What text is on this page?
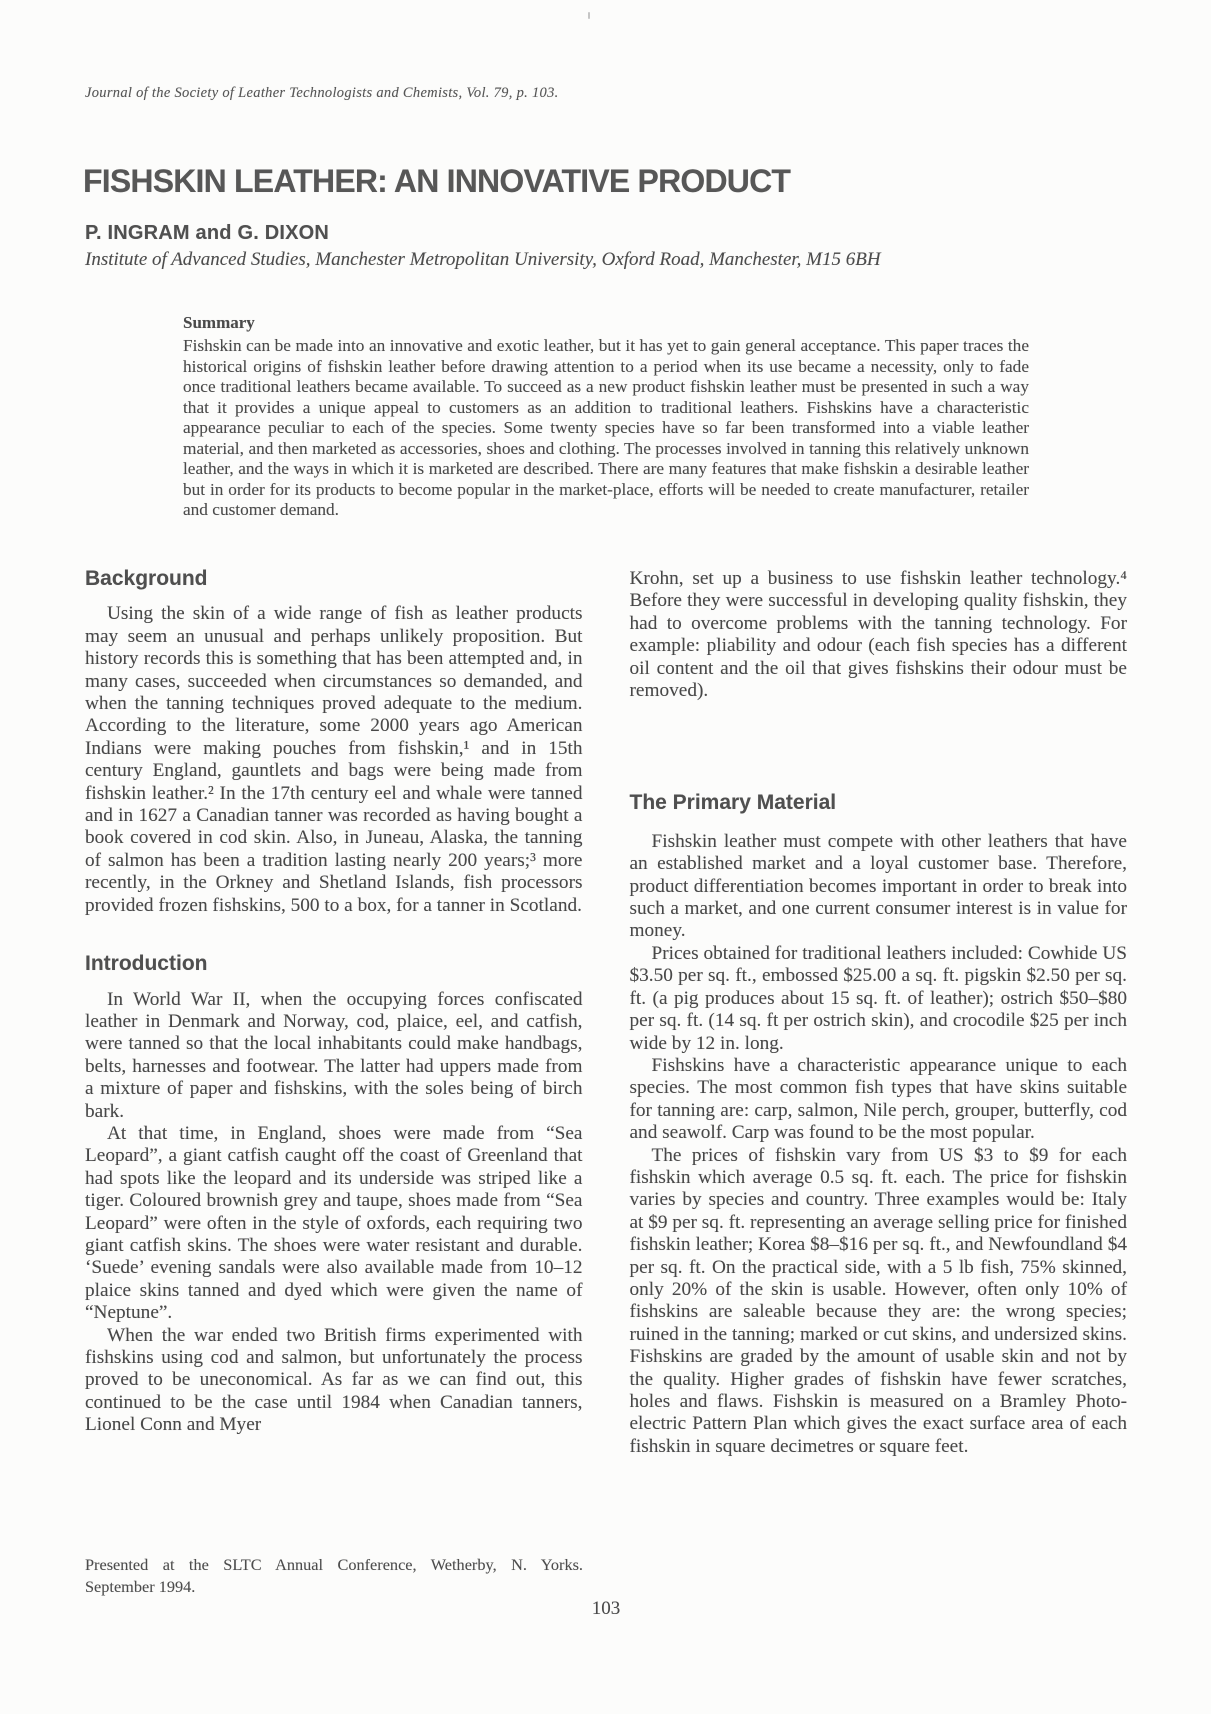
Journal of the Society of Leather Technologists and Chemists, Vol. 79, p. 103.
FISHSKIN LEATHER: AN INNOVATIVE PRODUCT
P. INGRAM and G. DIXON
Institute of Advanced Studies, Manchester Metropolitan University, Oxford Road, Manchester, M15 6BH
Summary

Fishskin can be made into an innovative and exotic leather, but it has yet to gain general acceptance. This paper traces the historical origins of fishskin leather before drawing attention to a period when its use became a necessity, only to fade once traditional leathers became available. To succeed as a new product fishskin leather must be presented in such a way that it provides a unique appeal to customers as an addition to traditional leathers. Fishskins have a characteristic appearance peculiar to each of the species. Some twenty species have so far been transformed into a viable leather material, and then marketed as accessories, shoes and clothing. The processes involved in tanning this relatively unknown leather, and the ways in which it is marketed are described. There are many features that make fishskin a desirable leather but in order for its products to become popular in the market-place, efforts will be needed to create manufacturer, retailer and customer demand.

Background

Using the skin of a wide range of fish as leather products may seem an unusual and perhaps unlikely proposition. But history records this is something that has been attempted and, in many cases, succeeded when circumstances so demanded, and when the tanning techniques proved adequate to the medium. According to the literature, some 2000 years ago American Indians were making pouches from fishskin,¹ and in 15th century England, gauntlets and bags were being made from fishskin leather.² In the 17th century eel and whale were tanned and in 1627 a Canadian tanner was recorded as having bought a book covered in cod skin. Also, in Juneau, Alaska, the tanning of salmon has been a tradition lasting nearly 200 years;³ more recently, in the Orkney and Shetland Islands, fish processors provided frozen fishskins, 500 to a box, for a tanner in Scotland.

Introduction

In World War II, when the occupying forces confiscated leather in Denmark and Norway, cod, plaice, eel, and catfish, were tanned so that the local inhabitants could make handbags, belts, harnesses and footwear. The latter had uppers made from a mixture of paper and fishskins, with the soles being of birch bark.

At that time, in England, shoes were made from “Sea Leopard”, a giant catfish caught off the coast of Greenland that had spots like the leopard and its underside was striped like a tiger. Coloured brownish grey and taupe, shoes made from “Sea Leopard” were often in the style of oxfords, each requiring two giant catfish skins. The shoes were water resistant and durable. ‘Suede’ evening sandals were also available made from 10–12 plaice skins tanned and dyed which were given the name of “Neptune”.

When the war ended two British firms experimented with fishskins using cod and salmon, but unfortunately the process proved to be uneconomical. As far as we can find out, this continued to be the case until 1984 when Canadian tanners, Lionel Conn and Myer

Krohn, set up a business to use fishskin leather technology.⁴ Before they were successful in developing quality fishskin, they had to overcome problems with the tanning technology. For example: pliability and odour (each fish species has a different oil content and the oil that gives fishskins their odour must be removed).

The Primary Material

Fishskin leather must compete with other leathers that have an established market and a loyal customer base. Therefore, product differentiation becomes important in order to break into such a market, and one current consumer interest is in value for money.

Prices obtained for traditional leathers included: Cowhide US $3.50 per sq. ft., embossed $25.00 a sq. ft. pigskin $2.50 per sq. ft. (a pig produces about 15 sq. ft. of leather); ostrich $50–$80 per sq. ft. (14 sq. ft per ostrich skin), and crocodile $25 per inch wide by 12 in. long.

Fishskins have a characteristic appearance unique to each species. The most common fish types that have skins suitable for tanning are: carp, salmon, Nile perch, grouper, butterfly, cod and seawolf. Carp was found to be the most popular.

The prices of fishskin vary from US $3 to $9 for each fishskin which average 0.5 sq. ft. each. The price for fishskin varies by species and country. Three examples would be: Italy at $9 per sq. ft. representing an average selling price for finished fishskin leather; Korea $8–$16 per sq. ft., and Newfoundland $4 per sq. ft. On the practical side, with a 5 lb fish, 75% skinned, only 20% of the skin is usable. However, often only 10% of fishskins are saleable because they are: the wrong species; ruined in the tanning; marked or cut skins, and undersized skins. Fishskins are graded by the amount of usable skin and not by the quality. Higher grades of fishskin have fewer scratches, holes and flaws. Fishskin is measured on a Bramley Photo-electric Pattern Plan which gives the exact surface area of each fishskin in square decimetres or square feet.

Presented at the SLTC Annual Conference, Wetherby, N. Yorks.
September 1994.
103
